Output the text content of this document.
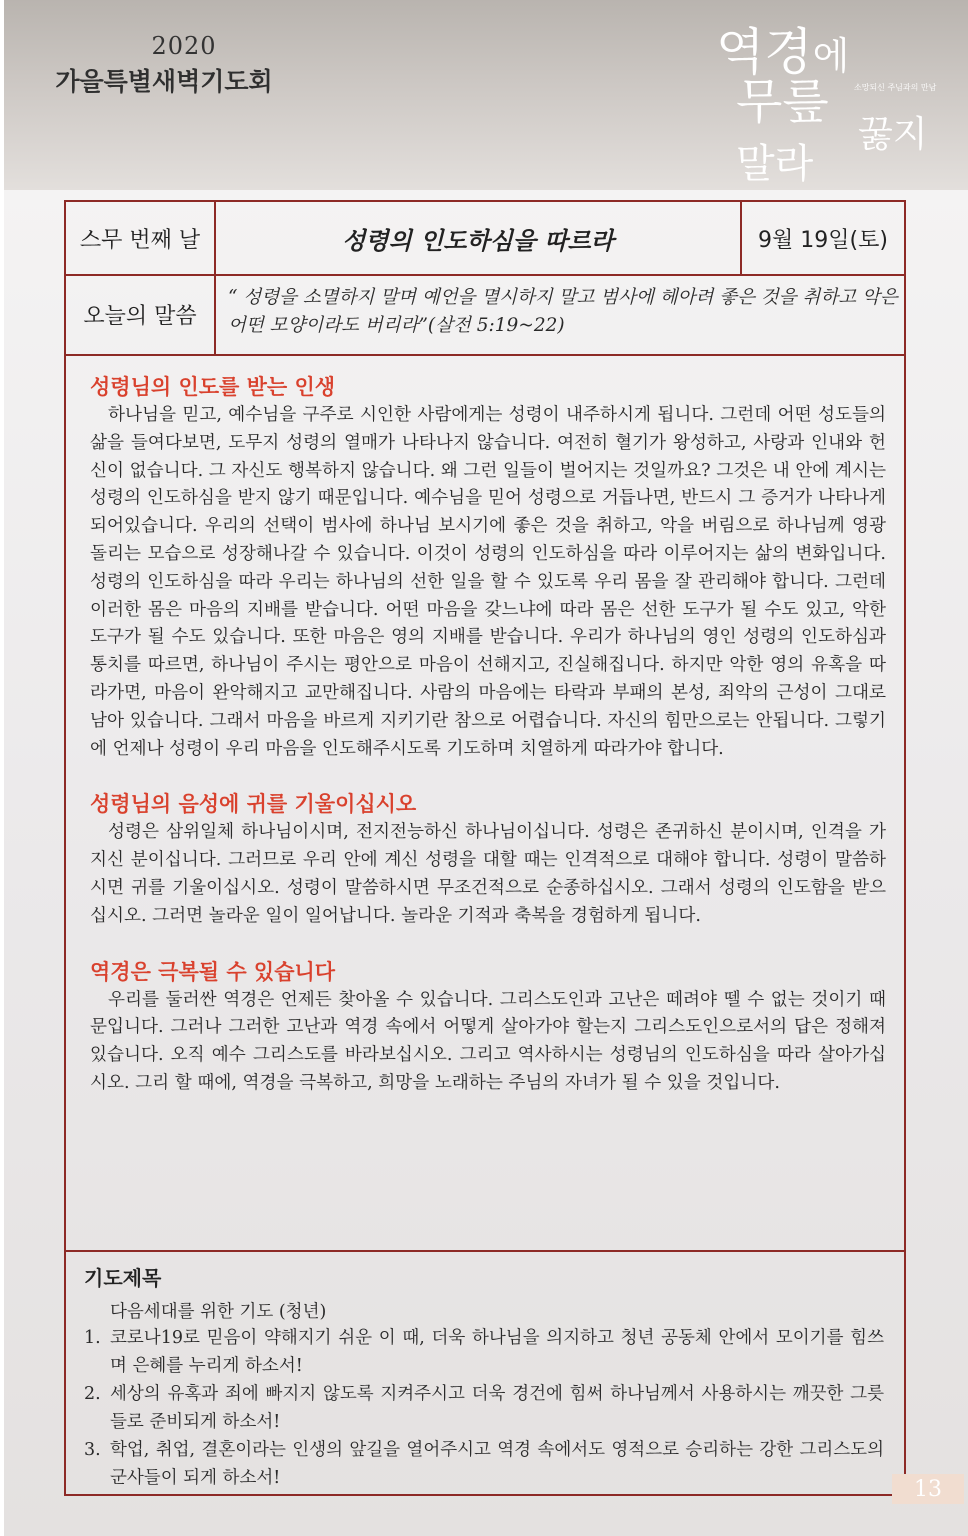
2020
가을특별새벽기도회
역경에
무릎	소망되신 주님과의 만남
꿇지
말라
스무 번째 날	성령의 인도하심을 따르라	9월 19일(토)
오늘의 말씀
“ 성령을 소멸하지 말며 예언을 멸시하지 말고 범사에 헤아려 좋은 것을 취하고 악은 어떤 모양이라도 버리라”(살전 5:19~22)
성령님의 인도를 받는 인생

하나님을 믿고, 예수님을 구주로 시인한 사람에게는 성령이 내주하시게 됩니다. 그런데 어떤 성도들의 삶을 들여다보면, 도무지 성령의 열매가 나타나지 않습니다. 여전히 혈기가 왕성하고, 사랑과 인내와 헌신이 없습니다. 그 자신도 행복하지 않습니다. 왜 그런 일들이 벌어지는 것일까요? 그것은 내 안에 계시는 성령의 인도하심을 받지 않기 때문입니다. 예수님을 믿어 성령으로 거듭나면, 반드시 그 증거가 나타나게 되어있습니다. 우리의 선택이 범사에 하나님 보시기에 좋은 것을 취하고, 악을 버림으로 하나님께 영광 돌리는 모습으로 성장해나갈 수 있습니다. 이것이 성령의 인도하심을 따라 이루어지는 삶의 변화입니다. 성령의 인도하심을 따라 우리는 하나님의 선한 일을 할 수 있도록 우리 몸을 잘 관리해야 합니다. 그런데 이러한 몸은 마음의 지배를 받습니다. 어떤 마음을 갖느냐에 따라 몸은 선한 도구가 될 수도 있고, 악한 도구가 될 수도 있습니다. 또한 마음은 영의 지배를 받습니다. 우리가 하나님의 영인 성령의 인도하심과 통치를 따르면, 하나님이 주시는 평안으로 마음이 선해지고, 진실해집니다. 하지만 악한 영의 유혹을 따라가면, 마음이 완악해지고 교만해집니다. 사람의 마음에는 타락과 부패의 본성, 죄악의 근성이 그대로 남아 있습니다. 그래서 마음을 바르게 지키기란 참으로 어렵습니다. 자신의 힘만으로는 안됩니다. 그렇기에 언제나 성령이 우리 마음을 인도해주시도록 기도하며 치열하게 따라가야 합니다.

성령님의 음성에 귀를 기울이십시오

성령은 삼위일체 하나님이시며, 전지전능하신 하나님이십니다. 성령은 존귀하신 분이시며, 인격을 가지신 분이십니다. 그러므로 우리 안에 계신 성령을 대할 때는 인격적으로 대해야 합니다. 성령이 말씀하시면 귀를 기울이십시오. 성령이 말씀하시면 무조건적으로 순종하십시오. 그래서 성령의 인도함을 받으십시오. 그러면 놀라운 일이 일어납니다. 놀라운 기적과 축복을 경험하게 됩니다.

역경은 극복될 수 있습니다

우리를 둘러싼 역경은 언제든 찾아올 수 있습니다. 그리스도인과 고난은 떼려야 뗄 수 없는 것이기 때문입니다. 그러나 그러한 고난과 역경 속에서 어떻게 살아가야 할는지 그리스도인으로서의 답은 정해져 있습니다. 오직 예수 그리스도를 바라보십시오. 그리고 역사하시는 성령님의 인도하심을 따라 살아가십시오. 그리 할 때에, 역경을 극복하고, 희망을 노래하는 주님의 자녀가 될 수 있을 것입니다.

기도제목
다음세대를 위한 기도 (청년)
1. 코로나19로 믿음이 약해지기 쉬운 이 때, 더욱 하나님을 의지하고 청년 공동체 안에서 모이기를 힘쓰며 은혜를 누리게 하소서!
2. 세상의 유혹과 죄에 빠지지 않도록 지켜주시고 더욱 경건에 힘써 하나님께서 사용하시는 깨끗한 그릇들로 준비되게 하소서!
3. 학업, 취업, 결혼이라는 인생의 앞길을 열어주시고 역경 속에서도 영적으로 승리하는 강한 그리스도의 군사들이 되게 하소서!	13
